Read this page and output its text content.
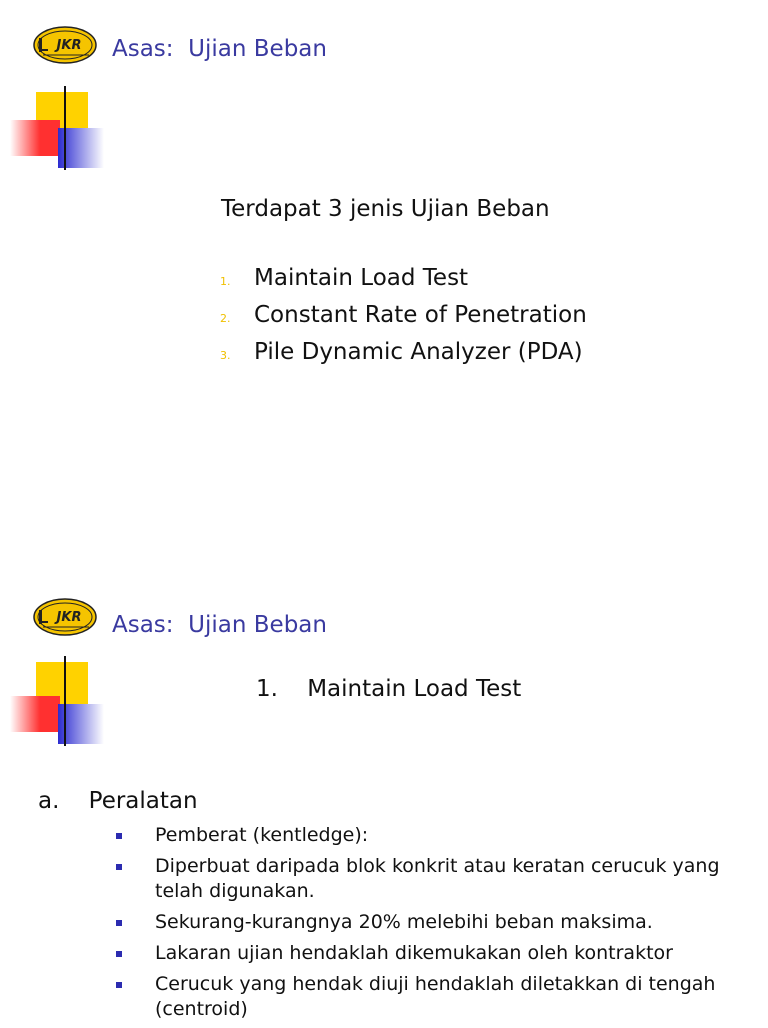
JKR Asas:  Ujian Beban
Terdapat 3 jenis Ujian Beban
1.	Maintain Load Test
2.	Constant Rate of Penetration
3.	Pile Dynamic Analyzer (PDA)
JKR Asas:  Ujian Beban
1.    Maintain Load Test
a.    Peralatan
Pemberat (kentledge):
Diperbuat daripada blok konkrit atau keratan cerucuk yang telah digunakan.
Sekurang-kurangnya 20% melebihi beban maksima.
Lakaran ujian hendaklah dikemukakan oleh kontraktor
Cerucuk yang hendak diuji hendaklah diletakkan di tengah (centroid)
